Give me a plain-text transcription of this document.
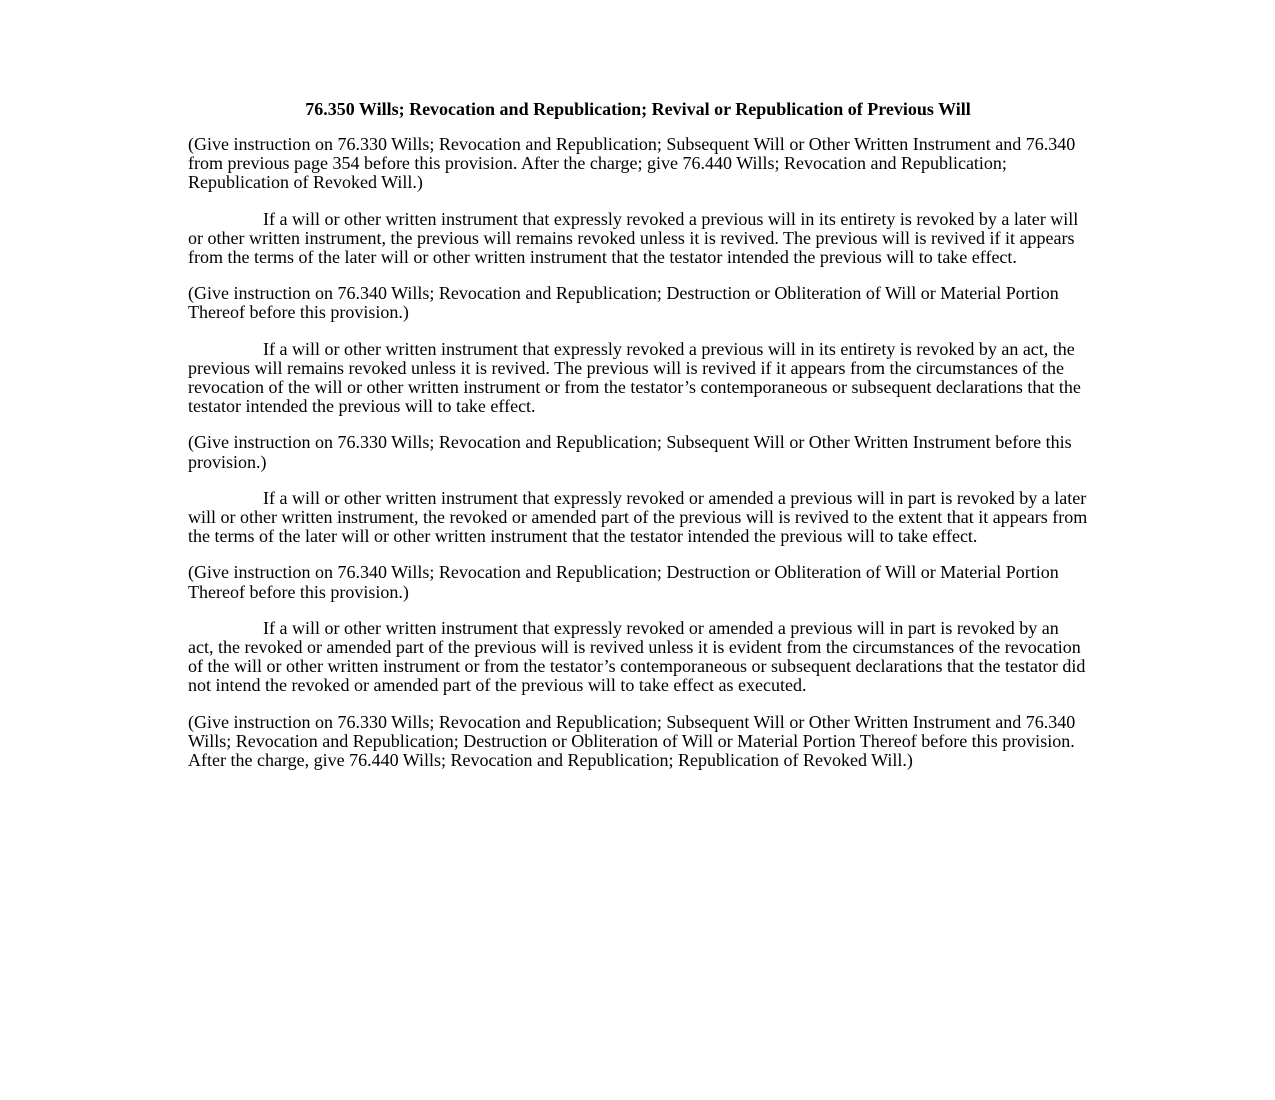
76.350 Wills; Revocation and Republication; Revival or Republication of Previous Will

(Give instruction on 76.330 Wills; Revocation and Republication; Subsequent Will or Other Written Instrument and 76.340 from previous page 354 before this provision. After the charge; give 76.440 Wills; Revocation and Republication; Republication of Revoked Will.)

If a will or other written instrument that expressly revoked a previous will in its entirety is revoked by a later will or other written instrument, the previous will remains revoked unless it is revived. The previous will is revived if it appears from the terms of the later will or other written instrument that the testator intended the previous will to take effect.

(Give instruction on 76.340 Wills; Revocation and Republication; Destruction or Obliteration of Will or Material Portion Thereof before this provision.)

If a will or other written instrument that expressly revoked a previous will in its entirety is revoked by an act, the previous will remains revoked unless it is revived. The previous will is revived if it appears from the circumstances of the revocation of the will or other written instrument or from the testator’s contemporaneous or subsequent declarations that the testator intended the previous will to take effect.

(Give instruction on 76.330 Wills; Revocation and Republication; Subsequent Will or Other Written Instrument before this provision.)

If a will or other written instrument that expressly revoked or amended a previous will in part is revoked by a later will or other written instrument, the revoked or amended part of the previous will is revived to the extent that it appears from the terms of the later will or other written instrument that the testator intended the previous will to take effect.

(Give instruction on 76.340 Wills; Revocation and Republication; Destruction or Obliteration of Will or Material Portion Thereof before this provision.)

If a will or other written instrument that expressly revoked or amended a previous will in part is revoked by an act, the revoked or amended part of the previous will is revived unless it is evident from the circumstances of the revocation of the will or other written instrument or from the testator’s contemporaneous or subsequent declarations that the testator did not intend the revoked or amended part of the previous will to take effect as executed.

(Give instruction on 76.330 Wills; Revocation and Republication; Subsequent Will or Other Written Instrument and 76.340 Wills; Revocation and Republication; Destruction or Obliteration of Will or Material Portion Thereof before this provision. After the charge, give 76.440 Wills; Revocation and Republication; Republication of Revoked Will.)
